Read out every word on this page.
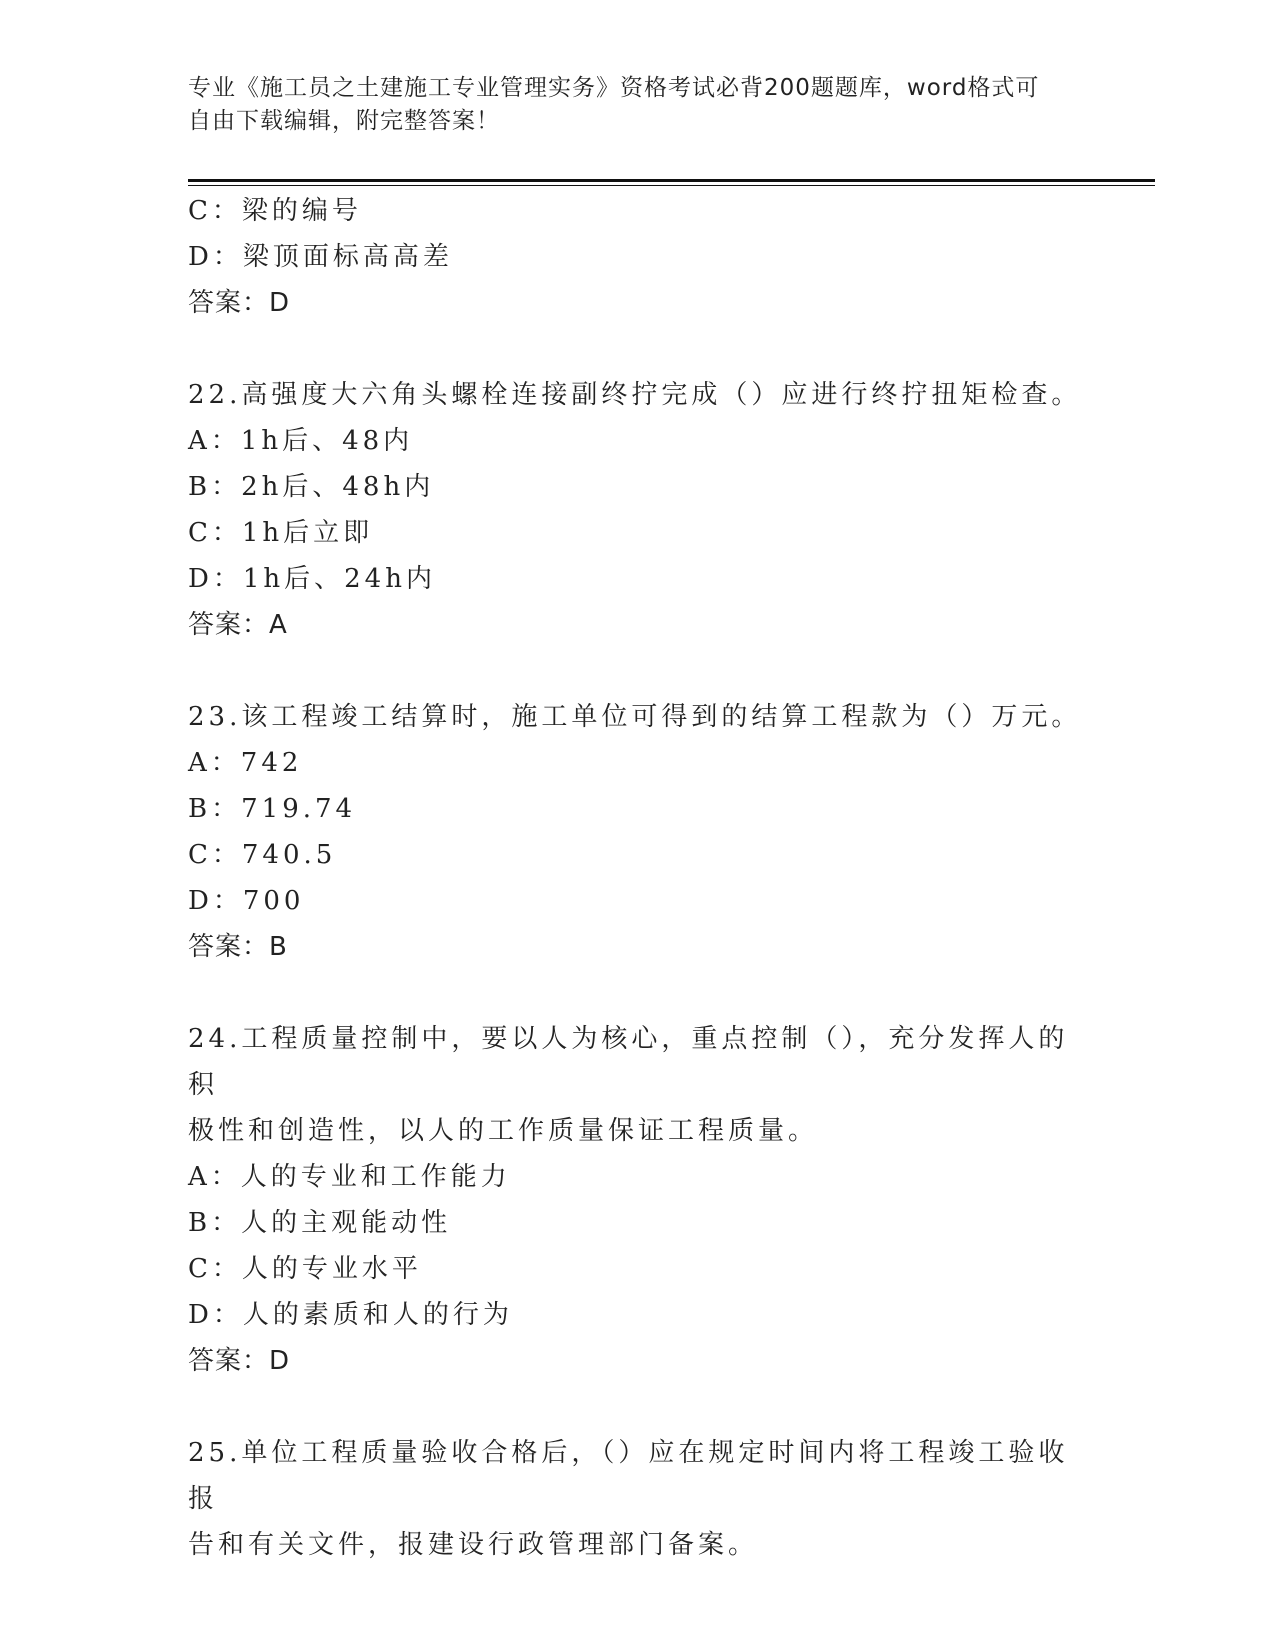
专业《施工员之土建施工专业管理实务》资格考试必背200题题库，word格式可
自由下载编辑，附完整答案！
C：梁的编号
D：梁顶面标高高差
答案：D
22.高强度大六角头螺栓连接副终拧完成（）应进行终拧扭矩检查。
A：1h后、48内
B：2h后、48h内
C：1h后立即
D：1h后、24h内
答案：A
23.该工程竣工结算时，施工单位可得到的结算工程款为（）万元。
A：742
B：719.74
C：740.5
D：700
答案：B
24.工程质量控制中，要以人为核心，重点控制（），充分发挥人的积
极性和创造性，以人的工作质量保证工程质量。
A：人的专业和工作能力
B：人的主观能动性
C：人的专业水平
D：人的素质和人的行为
答案：D
25.单位工程质量验收合格后，（）应在规定时间内将工程竣工验收报
告和有关文件，报建设行政管理部门备案。
